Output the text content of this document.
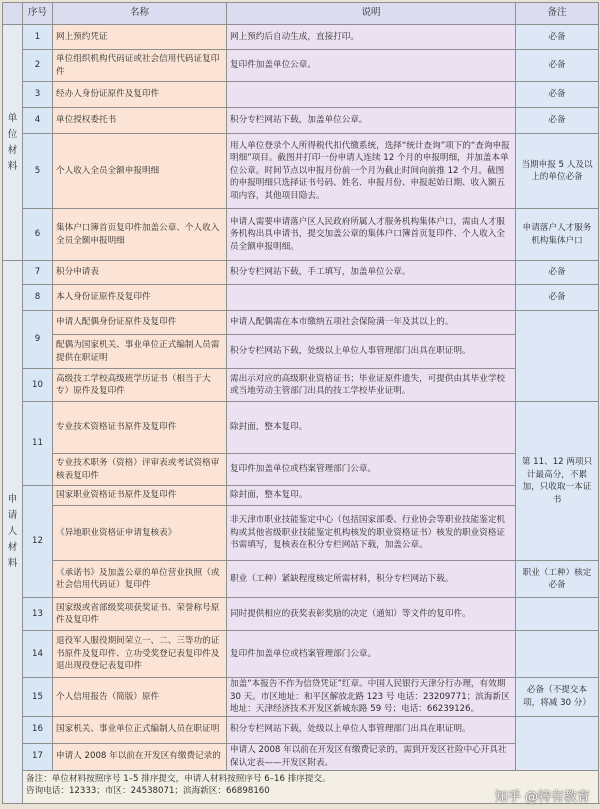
	序号	名称	说明	备注
单位材料	1	网上预约凭证	网上预约后自动生成，直接打印。	必备
	2	单位组织机构代码证或社会信用代码证复印件	复印件加盖单位公章。	必备
	3	经办人身份证原件及复印件		必备
	4	单位授权委托书	积分专栏网站下载，加盖单位公章。	必备
	5	个人收入全员全额申报明细	用人单位登录个人所得税代扣代缴系统，选择“统计查询”项下的“查询申报明细”项目。截图并打印一份申请人连续 12 个月的申报明细，并加盖本单位公章。时间节点以申报月份前一个月为截止时间向前推 12 个月。截图的申报明细只选择证书号码、姓名、申报月份、申报起始日期、收入额五项内容，其他项目隐去。	当期申报 5 人及以上的单位必备
	6	集体户口簿首页复印件加盖公章、个人收入全员全额申报明细	申请人需要申请落户区人民政府所属人才服务机构集体户口，需由人才服务机构出具申请书，提交加盖公章的集体户口簿首页复印件、个人收入全员全额申报明细。	申请落户人才服务机构集体户口
申请人材料	7	积分申请表	积分专栏网站下载，手工填写，加盖单位公章。	必备
	8	本人身份证原件及复印件		必备
	9	申请人配偶身份证原件及复印件	申请人配偶需在本市缴纳五项社会保险满一年及其以上的。	
		配偶为国家机关、事业单位正式编制人员需提供在职证明	积分专栏网站下载，处级以上单位人事管理部门出具在职证明。	
	10	高级技工学校高级班学历证书（相当于大专）原件及复印件	需出示对应的高级职业资格证书；毕业证原件遗失，可提供由其毕业学校或当地劳动主管部门出具的技工学校毕业证明。	
	11	专业技术资格证书原件及复印件	除封面，整本复印。	第 11、12 两项只计最高分，不累加，只收取一本证书
		专业技术职务（资格）评审表或考试资格审核表复印件	复印件加盖单位或档案管理部门公章。	
	12	国家职业资格证书原件及复印件	除封面，整本复印。	
		《异地职业资格证申请复核表》	非天津市职业技能鉴定中心（包括国家部委、行业协会等职业技能鉴定机构或其他省级职业技能鉴定机构核发的职业资格证书）核发的职业资格证书需填写，复核表在积分专栏网站下载，加盖公章。	
		《承诺书》及加盖公章的单位营业执照（或社会信用代码证）复印件	职业（工种）紧缺程度核定所需材料，积分专栏网站下载。	职业（工种）核定必备
	13	国家级或省部级奖项获奖证书、荣誉称号原件及复印件	同时提供相应的获奖表彰奖励的决定（通知）等文件的复印件。	
	14	退役军人服役期间荣立一、二、三等功的证书原件及复印件、立功受奖登记表复印件及退出现役登记表复印件	复印件加盖单位或档案管理部门公章。	
	15	个人信用报告（简版）原件	加盖“本报告不作为信贷凭证”红章。中国人民银行天津分行办理，有效期 30 天。市区地址：和平区解放北路 123 号 电话：23209771；滨海新区地址：天津经济技术开发区新城东路 59 号；电话：66239126。	必备（不提交本项，将减 30 分）
	16	国家机关、事业单位正式编制人员在职证明	积分专栏网站下载，处级以上单位人事管理部门出具在职证明。	
	17	申请人 2008 年以前在开发区有缴费记录的	申请人 2008 年以前在开发区有缴费记录的，需到开发区社险中心开具社保认定表——开发区附表。	

	备注：单位材料按照序号 1–5 排序提交，申请人材料按照序号 6–16 排序提交。
咨询电话：12333；市区：24538071；滨海新区：66898160				知乎 @特有教育
